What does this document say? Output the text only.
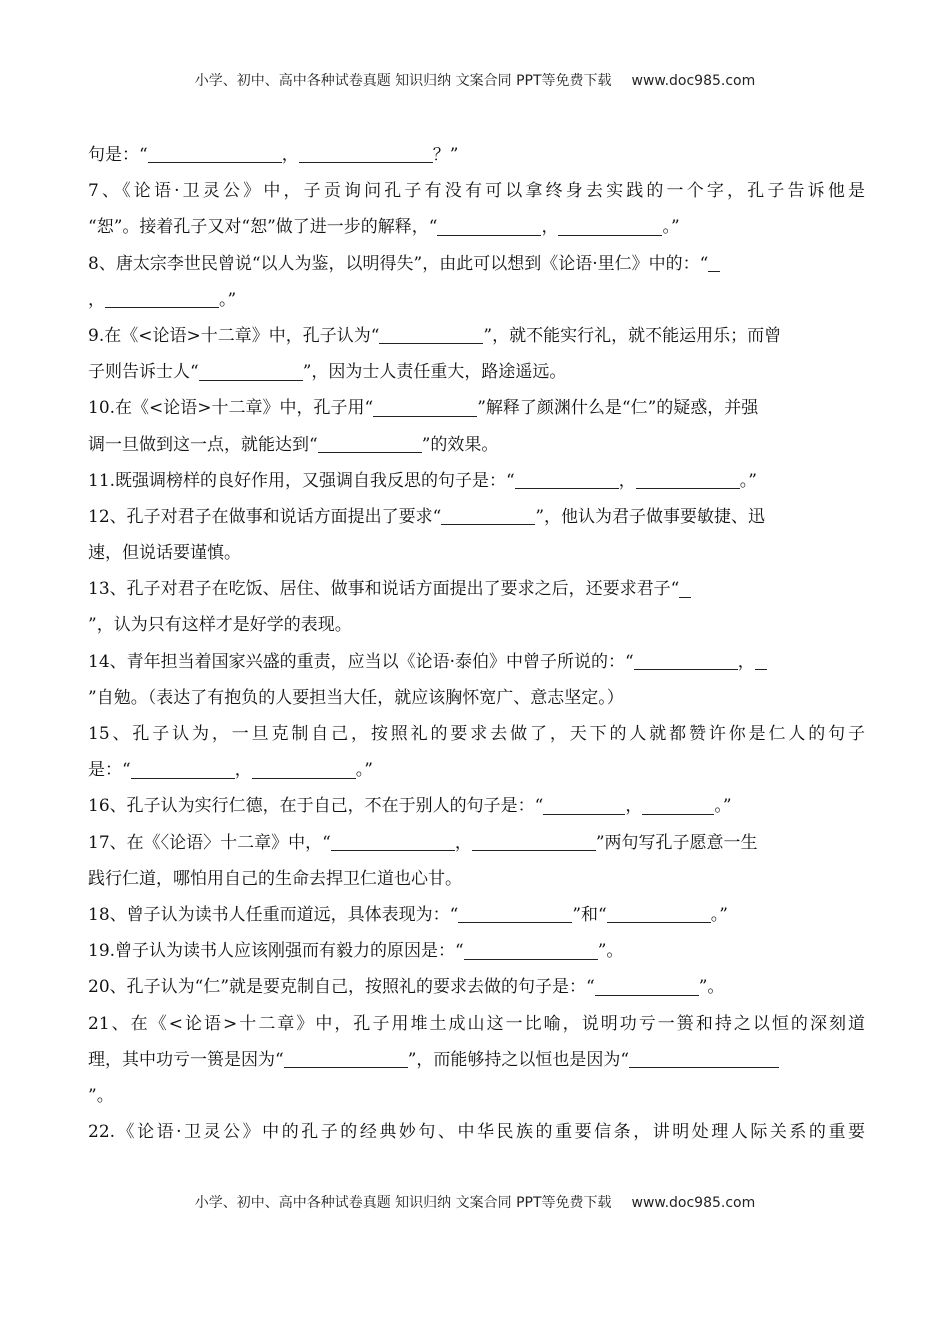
小学、初中、高中各种试卷真题 知识归纳 文案合同 PPT等免费下载 www.doc985.com
句是：“	，	？”
7、《论语·卫灵公》中，子贡询问孔子有没有可以拿终身去实践的一个字，孔子告诉他是
“恕”。接着孔子又对“恕”做了进一步的解释，“	，	。”
8、唐太宗李世民曾说“以人为鉴，以明得失”，由此可以想到《论语·里仁》中的：“
，	。”
9.在《<论语>十二章》中，孔子认为“	”，就不能实行礼，就不能运用乐；而曾
子则告诉士人“	”，因为士人责任重大，路途遥远。
10.在《<论语>十二章》中，孔子用“	”解释了颜渊什么是“仁”的疑惑，并强
调一旦做到这一点，就能达到“	”的效果。
11.既强调榜样的良好作用，又强调自我反思的句子是：“	，	。”
12、孔子对君子在做事和说话方面提出了要求“	”，他认为君子做事要敏捷、迅
速，但说话要谨慎。
13、孔子对君子在吃饭、居住、做事和说话方面提出了要求之后，还要求君子“
”，认为只有这样才是好学的表现。
14、青年担当着国家兴盛的重责，应当以《论语·泰伯》中曾子所说的：“	，
”自勉。（表达了有抱负的人要担当大任，就应该胸怀宽广、意志坚定。）
15、孔子认为，一旦克制自己，按照礼的要求去做了，天下的人就都赞许你是仁人的句子
是：“	，	。”
16、孔子认为实行仁德，在于自己，不在于别人的句子是：“	，	。”
17、在《〈论语〉十二章》中，“	，	”两句写孔子愿意一生
践行仁道，哪怕用自己的生命去捍卫仁道也心甘。
18、曾子认为读书人任重而道远，具体表现为：“	”和“	。”
19.曾子认为读书人应该刚强而有毅力的原因是：“	”。
20、孔子认为“仁”就是要克制自己，按照礼的要求去做的句子是：“	”。
21、在《<论语>十二章》中，孔子用堆土成山这一比喻，说明功亏一篑和持之以恒的深刻道
理，其中功亏一篑是因为“	”，而能够持之以恒也是因为“
”。
22.《论语·卫灵公》中的孔子的经典妙句、中华民族的重要信条，讲明处理人际关系的重要
小学、初中、高中各种试卷真题 知识归纳 文案合同 PPT等免费下载 www.doc985.com
